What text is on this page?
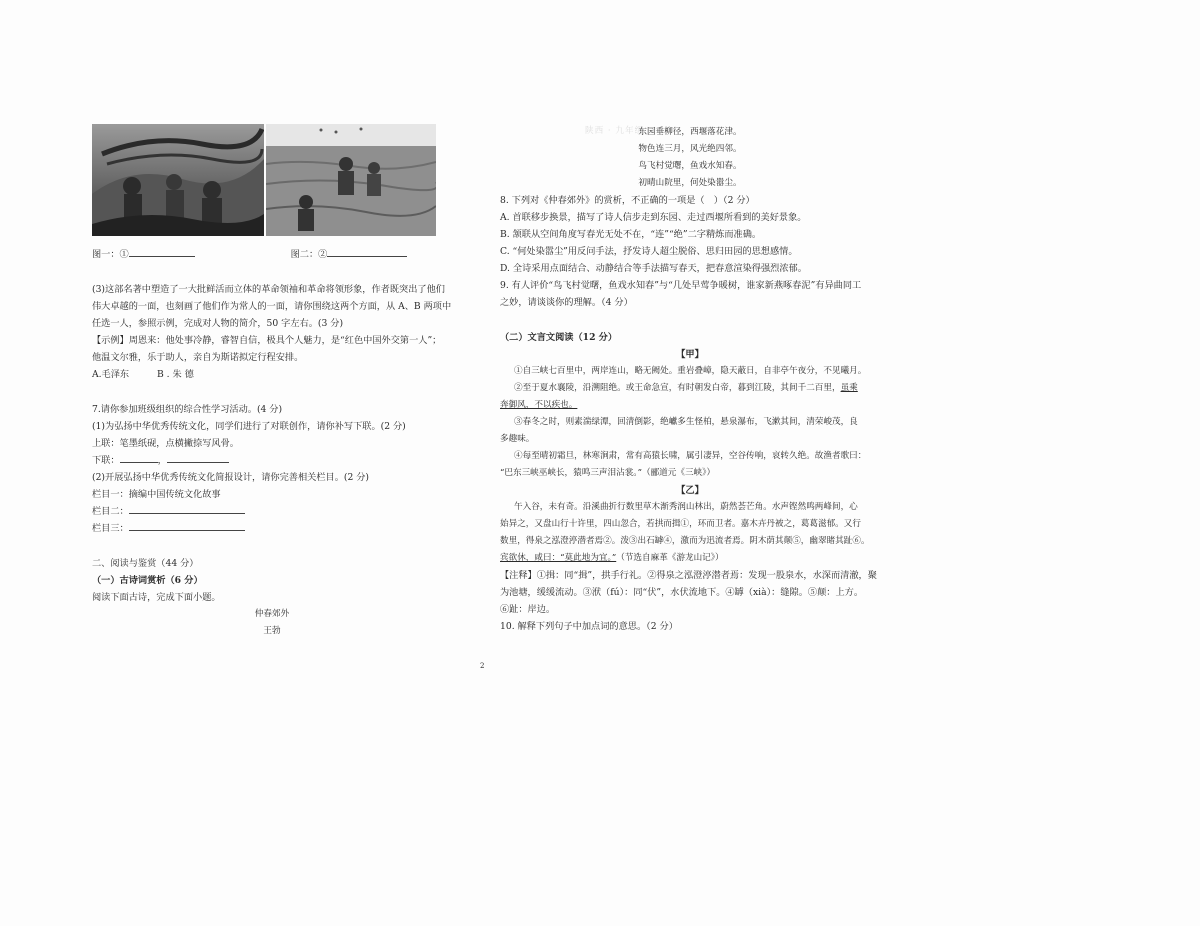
陕西 · 九年级
图一：①	图二：②
(3)这部名著中塑造了一大批鲜活而立体的革命领袖和革命将领形象，作者既突出了他们
伟大卓越的一面，也刻画了他们作为常人的一面，请你围绕这两个方面，从 A、B 两项中
任选一人，参照示例，完成对人物的简介，50 字左右。(3 分)
【示例】周恩来：他处事冷静，睿智自信，极具个人魅力，是“红色中国外交第一人”；
他温文尔雅，乐于助人，亲自为斯诺拟定行程安排。
A.毛泽东	B . 朱 德
7.请你参加班级组织的综合性学习活动。(4 分)
(1)为弘扬中华优秀传统文化，同学们进行了对联创作，请你补写下联。(2 分)
上联：笔墨纸砚，点横撇捺写风骨。
下联：	，
(2)开展弘扬中华优秀传统文化简报设计，请你完善相关栏目。(2 分)
栏目一：摘编中国传统文化故事
栏目二：
栏目三：
二、阅读与鉴赏（44 分）
（一）古诗词赏析（6 分）
阅读下面古诗，完成下面小题。
仲春郊外
王勃
东园垂柳径，西堰落花津。
物色连三月，风光绝四邻。
鸟飞村觉曙，鱼戏水知春。
初晴山院里，何处染嚣尘。
8. 下列对《仲春郊外》的赏析，不正确的一项是（　）（2 分）
A. 首联移步换景，描写了诗人信步走到东园、走过西堰所看到的美好景象。
B. 颔联从空间角度写春光无处不在，“连”“绝”二字精炼而准确。
C. “何处染嚣尘”用反问手法，抒发诗人超尘脱俗、思归田园的思想感情。
D. 全诗采用点面结合、动静结合等手法描写春天，把春意渲染得强烈浓郁。
9. 有人评价“鸟飞村觉曙，鱼戏水知春”与“几处早莺争暖树，谁家新燕啄春泥”有异曲同工
之妙，请谈谈你的理解。（4 分）
（二）文言文阅读（12 分）
【甲】
①自三峡七百里中，两岸连山，略无阙处。重岩叠嶂，隐天蔽日，自非亭午夜分，不见曦月。
②至于夏水襄陵，沿溯阻绝。或王命急宣，有时朝发白帝，暮到江陵，其间千二百里，虽乘
奔御风，不以疾也。
③春冬之时，则素湍绿潭，回清倒影，绝巘多生怪柏，悬泉瀑布，飞漱其间，清荣峻茂，良
多趣味。
④每至晴初霜旦，林寒涧肃，常有高猿长啸，属引凄异，空谷传响，哀转久绝。故渔者歌曰：
“巴东三峡巫峡长，猿鸣三声泪沾裳。”（郦道元《三峡》）
【乙】
午入谷，未有奇。沿溪曲折行数里草木渐秀润山林出，蔚然荟芒角。水声铿然鸣两峰间，心
始异之，又盘山行十许里，四山忽合，若拱而揖①，环而卫者。嘉木卉丹被之，葛葛滋郁。又行
数里，得泉之泓澄渟潜者焉②。泼③出石罅④，激而为迅流者焉。阴木荫其颠⑤，幽翠睹其趾⑥。
宾欲休，咸曰：“莫此地为宜。”（节选自麻革《游龙山记》）
【注释】①揖：同“揖”，拱手行礼。②得泉之泓澄渟潜者焉：发现一股泉水，水深而清澈，聚
为池塘，缓缓流动。③洑（fú）：同“伏”，水伏流地下。④罅（xià）：缝隙。⑤颠：上方。
⑥趾：岸边。
10. 解释下列句子中加点词的意思。（2 分）
2
